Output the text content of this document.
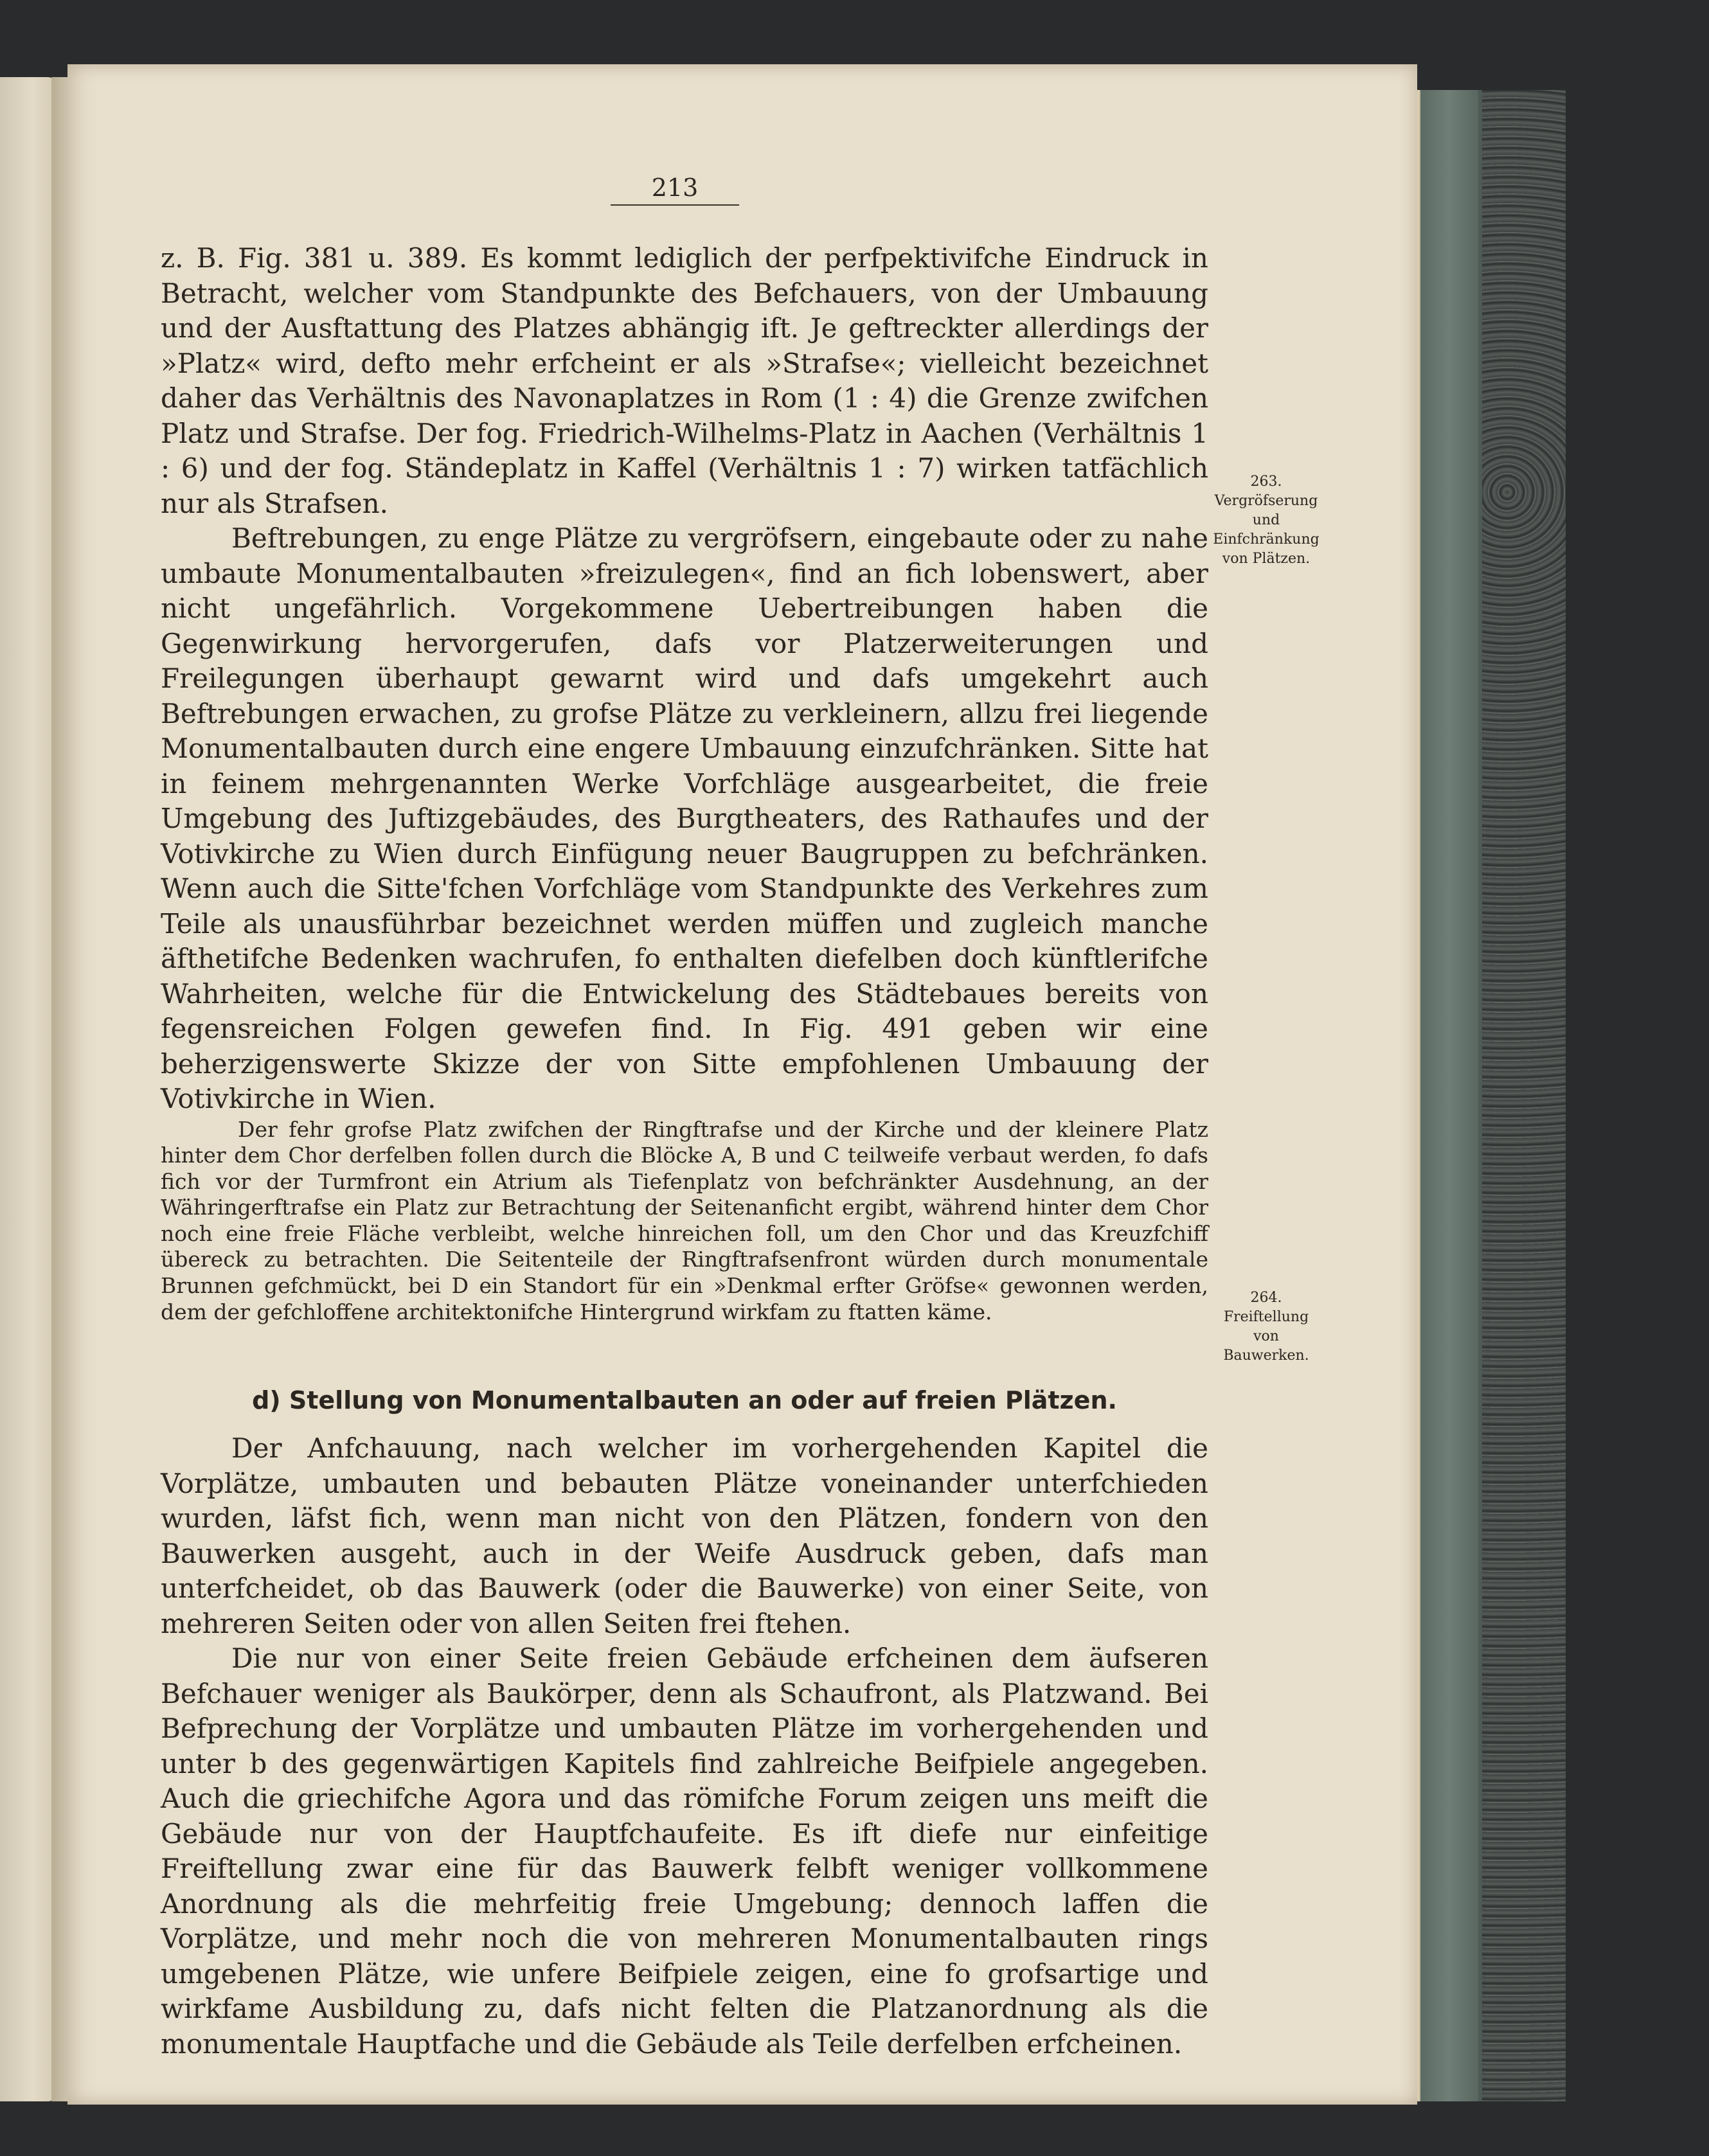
213

z. B. Fig. 381 u. 389. Es kommt lediglich der perfpektivifche Eindruck in Betracht, welcher vom Standpunkte des Befchauers, von der Umbauung und der Ausftattung des Platzes abhängig ift. Je geftreckter allerdings der »Platz« wird, defto mehr erfcheint er als »Strafse«; vielleicht bezeichnet daher das Verhältnis des Navonaplatzes in Rom (1 : 4) die Grenze zwifchen Platz und Strafse. Der fog. Friedrich-Wilhelms-Platz in Aachen (Verhältnis 1 : 6) und der fog. Ständeplatz in Kaffel (Verhältnis 1 : 7) wirken tatfächlich nur als Strafsen.

Beftrebungen, zu enge Plätze zu vergröfsern, eingebaute oder zu nahe umbaute Monumentalbauten »freizulegen«, find an fich lobenswert, aber nicht ungefährlich. Vorgekommene Uebertreibungen haben die Gegenwirkung hervorgerufen, dafs vor Platzerweiterungen und Freilegungen überhaupt gewarnt wird und dafs umgekehrt auch Beftrebungen erwachen, zu grofse Plätze zu verkleinern, allzu frei liegende Monumentalbauten durch eine engere Umbauung einzufchränken. Sitte hat in feinem mehrgenannten Werke Vorfchläge ausgearbeitet, die freie Umgebung des Juftizgebäudes, des Burgtheaters, des Rathaufes und der Votivkirche zu Wien durch Einfügung neuer Baugruppen zu befchränken. Wenn auch die Sitte'fchen Vorfchläge vom Standpunkte des Verkehres zum Teile als unausführbar bezeichnet werden müffen und zugleich manche äfthetifche Bedenken wachrufen, fo enthalten diefelben doch künftlerifche Wahrheiten, welche für die Entwickelung des Städtebaues bereits von fegensreichen Folgen gewefen find. In Fig. 491 geben wir eine beherzigenswerte Skizze der von Sitte empfohlenen Umbauung der Votivkirche in Wien.

Der fehr grofse Platz zwifchen der Ringftrafse und der Kirche und der kleinere Platz hinter dem Chor derfelben follen durch die Blöcke A, B und C teilweife verbaut werden, fo dafs fich vor der Turmfront ein Atrium als Tiefenplatz von befchränkter Ausdehnung, an der Währingerftrafse ein Platz zur Betrachtung der Seitenanficht ergibt, während hinter dem Chor noch eine freie Fläche verbleibt, welche hinreichen foll, um den Chor und das Kreuzfchiff übereck zu betrachten. Die Seitenteile der Ringftrafsenfront würden durch monumentale Brunnen gefchmückt, bei D ein Standort für ein »Denkmal erfter Gröfse« gewonnen werden, dem der gefchloffene architektonifche Hintergrund wirkfam zu ftatten käme.

d) Stellung von Monumentalbauten an oder auf freien Plätzen.

Der Anfchauung, nach welcher im vorhergehenden Kapitel die Vorplätze, umbauten und bebauten Plätze voneinander unterfchieden wurden, läfst fich, wenn man nicht von den Plätzen, fondern von den Bauwerken ausgeht, auch in der Weife Ausdruck geben, dafs man unterfcheidet, ob das Bauwerk (oder die Bauwerke) von einer Seite, von mehreren Seiten oder von allen Seiten frei ftehen.

Die nur von einer Seite freien Gebäude erfcheinen dem äufseren Befchauer weniger als Baukörper, denn als Schaufront, als Platzwand. Bei Befprechung der Vorplätze und umbauten Plätze im vorhergehenden und unter b des gegenwärtigen Kapitels find zahlreiche Beifpiele angegeben. Auch die griechifche Agora und das römifche Forum zeigen uns meift die Gebäude nur von der Hauptfchaufeite. Es ift diefe nur einfeitige Freiftellung zwar eine für das Bauwerk felbft weniger vollkommene Anordnung als die mehrfeitig freie Umgebung; dennoch laffen die Vorplätze, und mehr noch die von mehreren Monumentalbauten rings umgebenen Plätze, wie unfere Beifpiele zeigen, eine fo grofsartige und wirkfame Ausbildung zu, dafs nicht felten die Platzanordnung als die monumentale Hauptfache und die Gebäude als Teile derfelben erfcheinen.

263.
Vergröfserung
und
Einfchränkung
von Plätzen.
264.
Freiftellung
von
Bauwerken.
